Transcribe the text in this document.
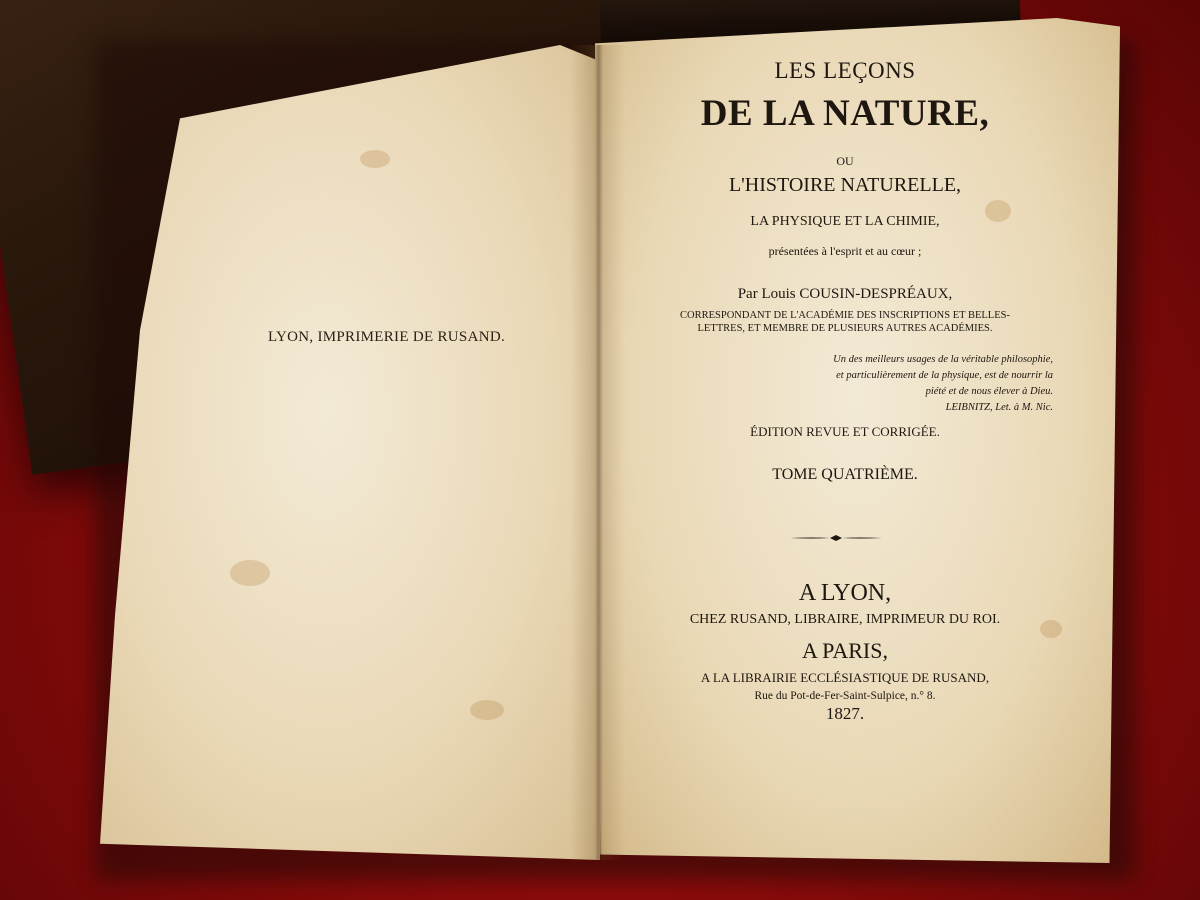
LYON, IMPRIMERIE DE RUSAND.
LES LEÇONS
DE LA NATURE,
OU
L'HISTOIRE NATURELLE,
LA PHYSIQUE ET LA CHIMIE,
présentées à l'esprit et au cœur ;
Par Louis COUSIN-DESPRÉAUX,
CORRESPONDANT DE L'ACADÉMIE DES INSCRIPTIONS ET BELLES-
LETTRES, ET MEMBRE DE PLUSIEURS AUTRES ACADÉMIES.
Un des meilleurs usages de la véritable philosophie,
et particulièrement de la physique, est de nourrir la
piété et de nous élever à Dieu.
LEIBNITZ, Let. à M. Nic.
ÉDITION REVUE ET CORRIGÉE.
TOME QUATRIÈME.
A LYON,
CHEZ RUSAND, LIBRAIRE, IMPRIMEUR DU ROI.
A PARIS,
A LA LIBRAIRIE ECCLÉSIASTIQUE DE RUSAND,
Rue du Pot-de-Fer-Saint-Sulpice, n.° 8.
1827.
